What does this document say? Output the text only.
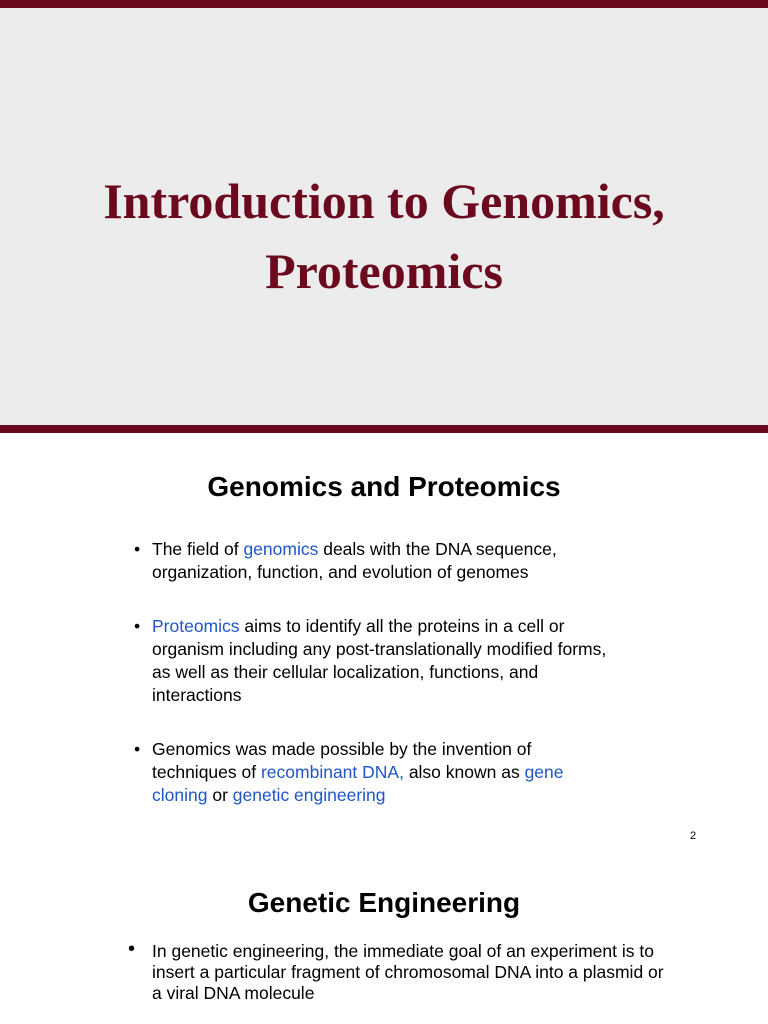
Introduction to Genomics,
Proteomics
Genomics and Proteomics
• The field of genomics deals with the DNA sequence, organization, function, and evolution of genomes
• Proteomics aims to identify all the proteins in a cell or organism including any post-translationally modified forms, as well as their cellular localization, functions, and interactions
• Genomics was made possible by the invention of techniques of recombinant DNA, also known as gene cloning or genetic engineering
2
Genetic Engineering
• In genetic engineering, the immediate goal of an experiment is to insert a particular fragment of chromosomal DNA into a plasmid or a viral DNA molecule
